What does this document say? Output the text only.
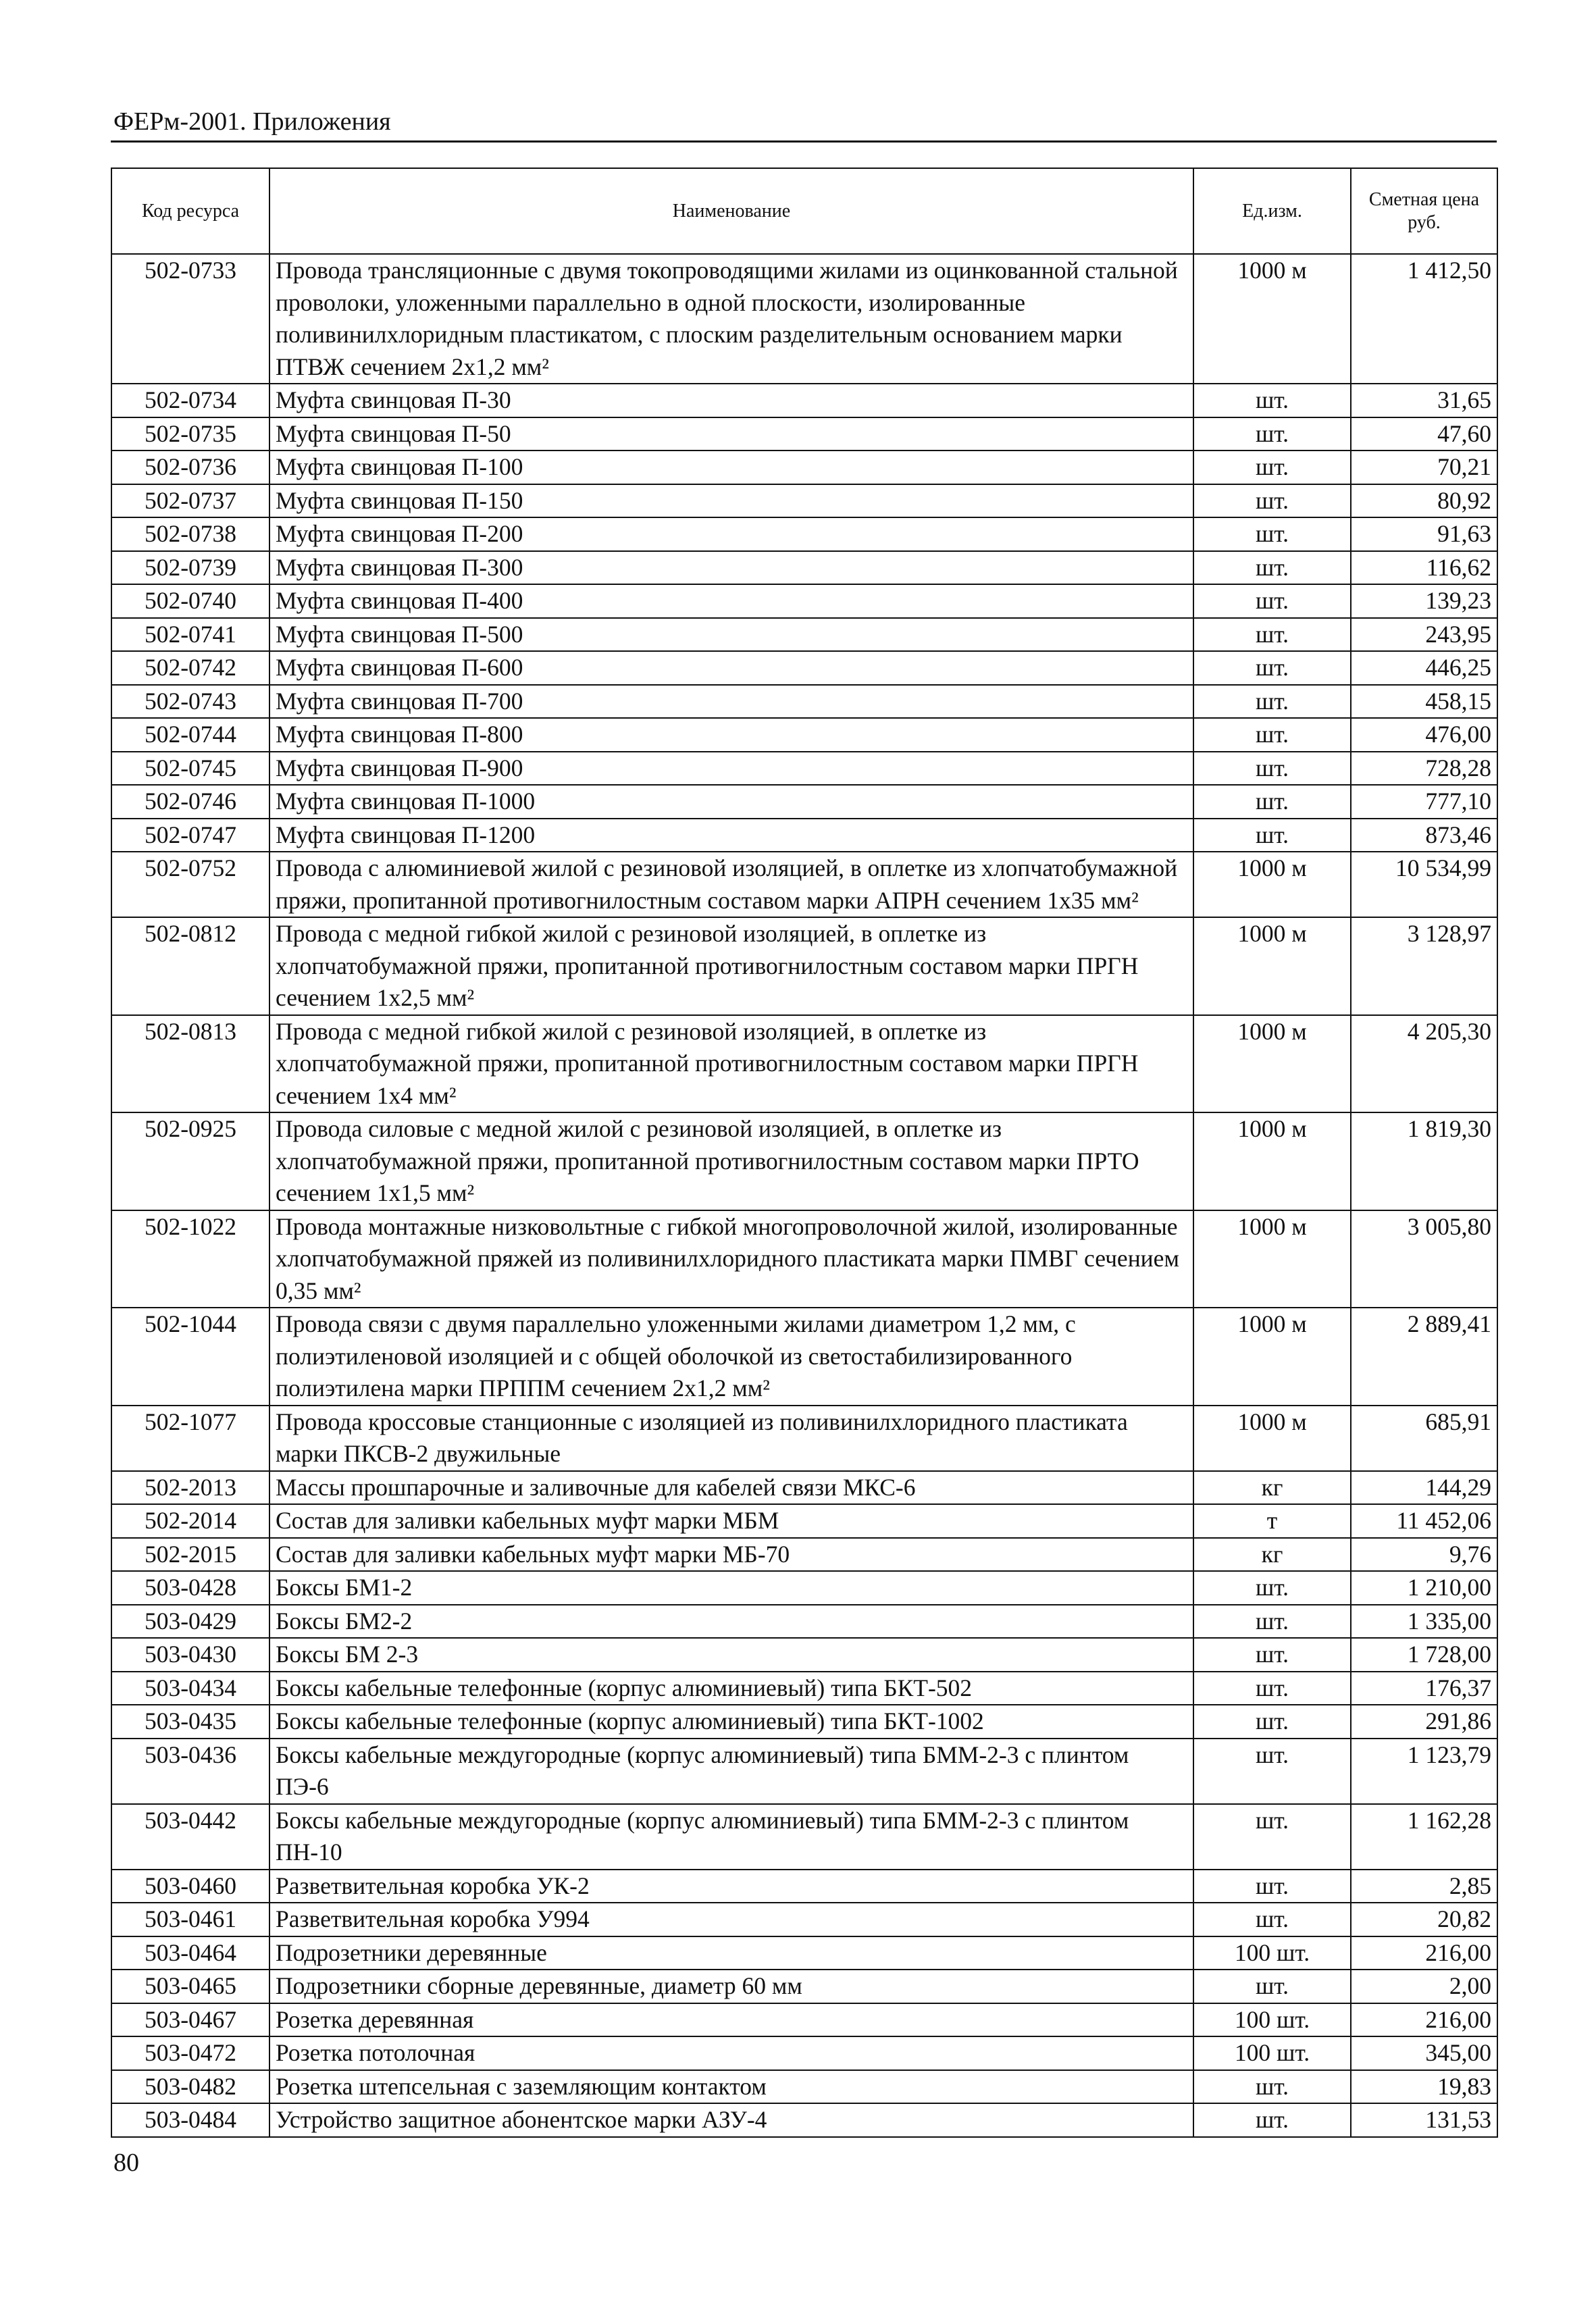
ФЕРм-2001. Приложения
Код ресурса	Наименование	Ед.изм.	Сметная цена руб.
502-0733	Провода трансляционные с двумя токопроводящими жилами из оцинкованной стальной проволоки, уложенными параллельно в одной плоскости, изолированные поливинилхлоридным пластикатом, с плоским разделительным основанием марки ПТВЖ сечением 2х1,2 мм²	1000 м	1 412,50
502-0734	Муфта свинцовая П-30	шт.	31,65
502-0735	Муфта свинцовая П-50	шт.	47,60
502-0736	Муфта свинцовая П-100	шт.	70,21
502-0737	Муфта свинцовая П-150	шт.	80,92
502-0738	Муфта свинцовая П-200	шт.	91,63
502-0739	Муфта свинцовая П-300	шт.	116,62
502-0740	Муфта свинцовая П-400	шт.	139,23
502-0741	Муфта свинцовая П-500	шт.	243,95
502-0742	Муфта свинцовая П-600	шт.	446,25
502-0743	Муфта свинцовая П-700	шт.	458,15
502-0744	Муфта свинцовая П-800	шт.	476,00
502-0745	Муфта свинцовая П-900	шт.	728,28
502-0746	Муфта свинцовая П-1000	шт.	777,10
502-0747	Муфта свинцовая П-1200	шт.	873,46
502-0752	Провода с алюминиевой жилой с резиновой изоляцией, в оплетке из хлопчатобумажной пряжи, пропитанной противогнилостным составом марки АПРН сечением 1х35 мм²	1000 м	10 534,99
502-0812	Провода с медной гибкой жилой с резиновой изоляцией, в оплетке из хлопчатобумажной пряжи, пропитанной противогнилостным составом марки ПРГН сечением 1х2,5 мм²	1000 м	3 128,97
502-0813	Провода с медной гибкой жилой с резиновой изоляцией, в оплетке из хлопчатобумажной пряжи, пропитанной противогнилостным составом марки ПРГН сечением 1х4 мм²	1000 м	4 205,30
502-0925	Провода силовые с медной жилой с резиновой изоляцией, в оплетке из хлопчатобумажной пряжи, пропитанной противогнилостным составом марки ПРТО сечением 1х1,5 мм²	1000 м	1 819,30
502-1022	Провода монтажные низковольтные с гибкой многопроволочной жилой, изолированные хлопчатобумажной пряжей из поливинилхлоридного пластиката марки ПМВГ сечением 0,35 мм²	1000 м	3 005,80
502-1044	Провода связи с двумя параллельно уложенными жилами диаметром 1,2 мм, с полиэтиленовой изоляцией и с общей оболочкой из светостабилизированного полиэтилена марки ПРППМ сечением 2х1,2 мм²	1000 м	2 889,41
502-1077	Провода кроссовые станционные с изоляцией из поливинилхлоридного пластиката марки ПКСВ-2 двужильные	1000 м	685,91
502-2013	Массы прошпарочные и заливочные для кабелей связи МКС-6	кг	144,29
502-2014	Состав для заливки кабельных муфт марки МБМ	т	11 452,06
502-2015	Состав для заливки кабельных муфт марки МБ-70	кг	9,76
503-0428	Боксы БМ1-2	шт.	1 210,00
503-0429	Боксы БМ2-2	шт.	1 335,00
503-0430	Боксы БМ 2-3	шт.	1 728,00
503-0434	Боксы кабельные телефонные (корпус алюминиевый) типа БКТ-502	шт.	176,37
503-0435	Боксы кабельные телефонные (корпус алюминиевый) типа БКТ-1002	шт.	291,86
503-0436	Боксы кабельные междугородные (корпус алюминиевый) типа БММ-2-3 с плинтом ПЭ-6	шт.	1 123,79
503-0442	Боксы кабельные междугородные (корпус алюминиевый) типа БММ-2-3 с плинтом ПН-10	шт.	1 162,28
503-0460	Разветвительная коробка УК-2	шт.	2,85
503-0461	Разветвительная коробка У994	шт.	20,82
503-0464	Подрозетники деревянные	100 шт.	216,00
503-0465	Подрозетники сборные деревянные, диаметр 60 мм	шт.	2,00
503-0467	Розетка деревянная	100 шт.	216,00
503-0472	Розетка потолочная	100 шт.	345,00
503-0482	Розетка штепсельная с заземляющим контактом	шт.	19,83
503-0484	Устройство защитное абонентское марки АЗУ-4	шт.	131,53
80
